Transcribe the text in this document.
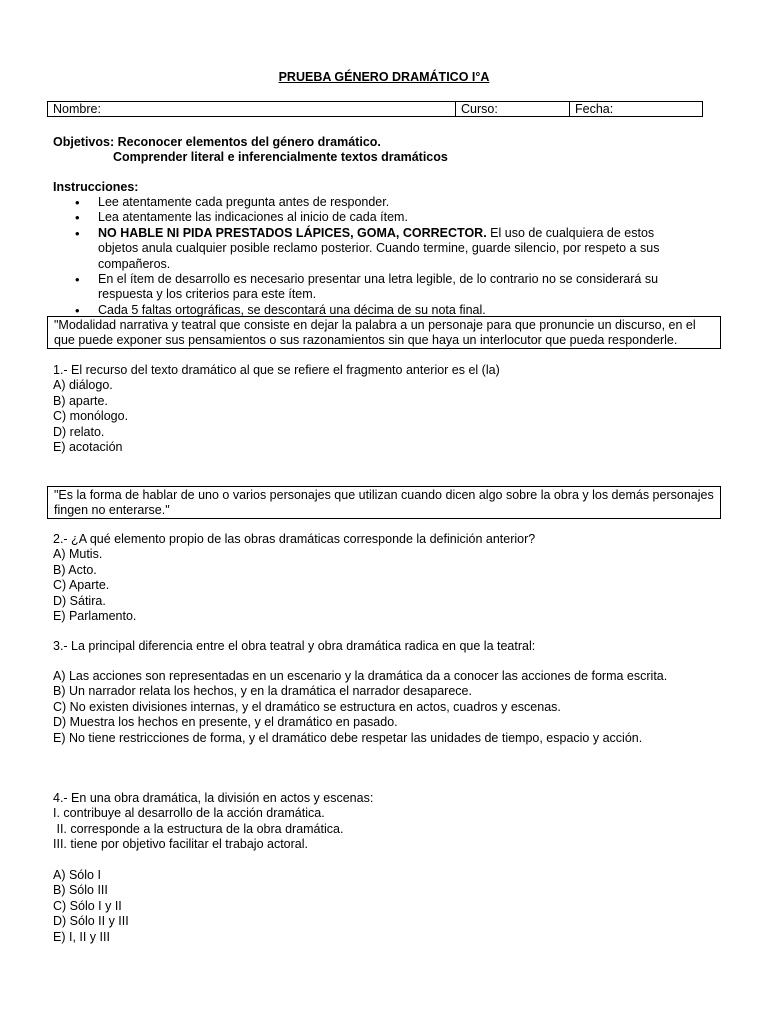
PRUEBA GÉNERO DRAMÁTICO I°A
Nombre:	Curso:	Fecha:
Objetivos: Reconocer elementos del género dramático.
Comprender literal e inferencialmente textos dramáticos
Instrucciones:
• Lee atentamente cada pregunta antes de responder.
• Lea atentamente las indicaciones al inicio de cada ítem.
• NO HABLE NI PIDA PRESTADOS LÁPICES, GOMA, CORRECTOR. El uso de cualquiera de estos objetos anula cualquier posible reclamo posterior. Cuando termine, guarde silencio, por respeto a sus compañeros.
• En el ítem de desarrollo es necesario presentar una letra legible, de lo contrario no se considerará su respuesta y los criterios para este ítem.
• Cada 5 faltas ortográficas, se descontará una décima de su nota final.
"Modalidad narrativa y teatral que consiste en dejar la palabra a un personaje para que pronuncie un discurso, en el que puede exponer sus pensamientos o sus razonamientos sin que haya un interlocutor que pueda responderle.
1.- El recurso del texto dramático al que se refiere el fragmento anterior es el (la)
A) diálogo.
B) aparte.
C) monólogo.
D) relato.
E) acotación
"Es la forma de hablar de uno o varios personajes que utilizan cuando dicen algo sobre la obra y los demás personajes fingen no enterarse."
2.- ¿A qué elemento propio de las obras dramáticas corresponde la definición anterior?
A) Mutis.
B) Acto.
C) Aparte.
D) Sátira.
E) Parlamento.
3.- La principal diferencia entre el obra teatral y obra dramática radica en que la teatral:
A) Las acciones son representadas en un escenario y la dramática da a conocer las acciones de forma escrita.
B) Un narrador relata los hechos, y en la dramática el narrador desaparece.
C) No existen divisiones internas, y el dramático se estructura en actos, cuadros y escenas.
D) Muestra los hechos en presente, y el dramático en pasado.
E) No tiene restricciones de forma, y el dramático debe respetar las unidades de tiempo, espacio y acción.
4.- En una obra dramática, la división en actos y escenas:
I. contribuye al desarrollo de la acción dramática.
II. corresponde a la estructura de la obra dramática.
III. tiene por objetivo facilitar el trabajo actoral.
A) Sólo I
B) Sólo III
C) Sólo I y II
D) Sólo II y III
E) I, II y III
